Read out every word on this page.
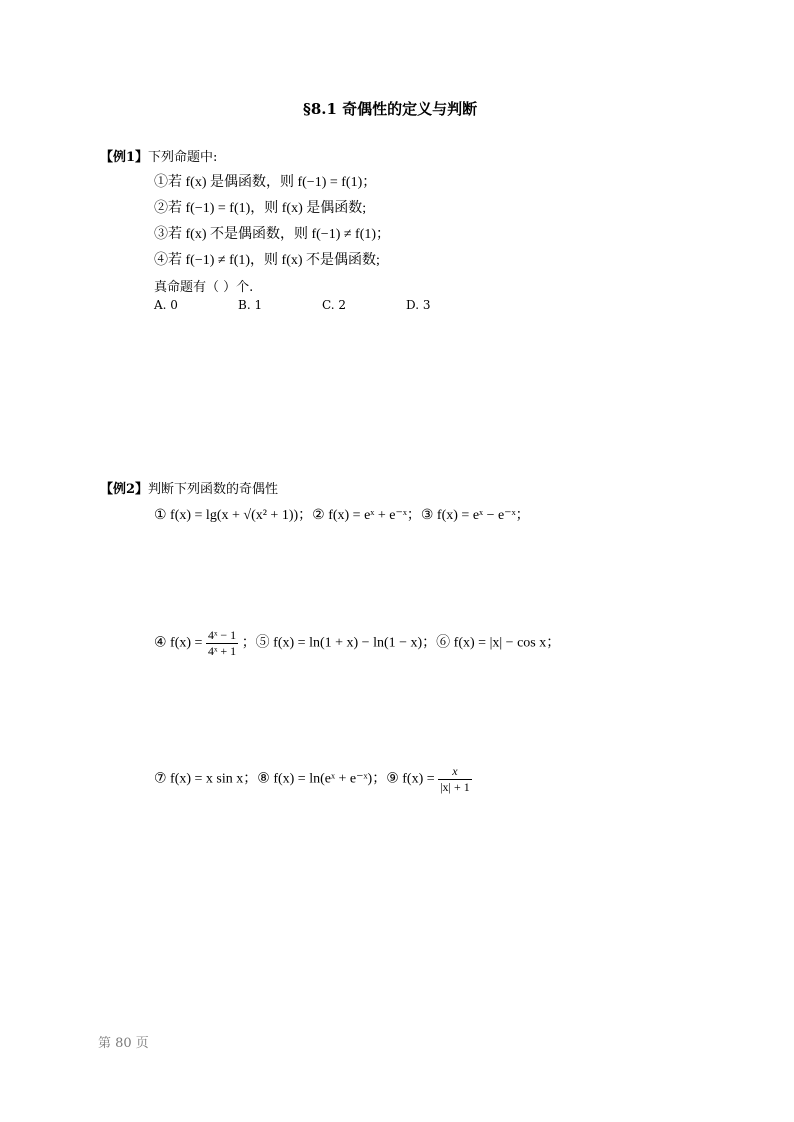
§8.1 奇偶性的定义与判断
【例1】下列命题中:
①若 f(x) 是偶函数，则 f(−1) = f(1)；
②若 f(−1) = f(1)，则 f(x) 是偶函数;
③若 f(x) 不是偶函数，则 f(−1) ≠ f(1)；
④若 f(−1) ≠ f(1)，则 f(x) 不是偶函数;
真命题有（ ）个.
A. 0	B. 1	C. 2	D. 3
【例2】判断下列函数的奇偶性
① f(x) = lg(x + √(x² + 1))；② f(x) = eˣ + e⁻ˣ；③ f(x) = eˣ − e⁻ˣ；
④ $f(x) = \frac{\text{4ˣ − 1}}{\text{4ˣ + 1}}$ ；⑤ f(x) = ln(1 + x) − ln(1 − x)；⑥ f(x) = |x| − cos x；
⑦ f(x) = x sin x；⑧ f(x) = ln(eˣ + e⁻ˣ)；⑨ $f(x) = \frac{x}{|x| + 1}$
第 80 页
